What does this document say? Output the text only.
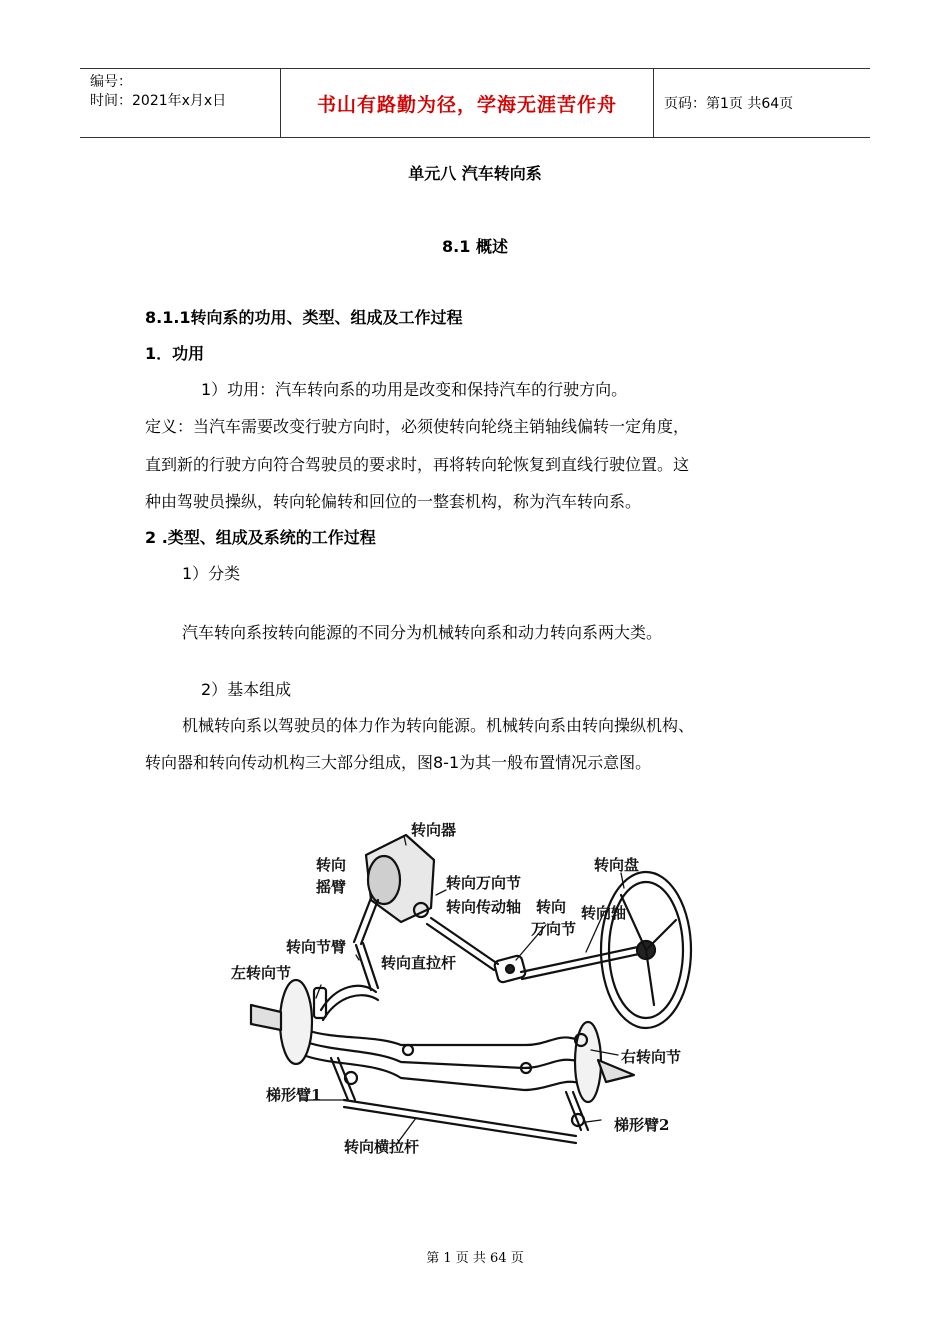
编号：
时间：2021年x月x日	书山有路勤为径，学海无涯苦作舟	页码：第1页 共64页
单元八 汽车转向系
8.1 概述
8.1.1转向系的功用、类型、组成及工作过程
1．功用
1）功用：汽车转向系的功用是改变和保持汽车的行驶方向。
定义：当汽车需要改变行驶方向时，必须使转向轮绕主销轴线偏转一定角度，
直到新的行驶方向符合驾驶员的要求时，再将转向轮恢复到直线行驶位置。这
种由驾驶员操纵，转向轮偏转和回位的一整套机构，称为汽车转向系。
2 .类型、组成及系统的工作过程
1）分类
汽车转向系按转向能源的不同分为机械转向系和动力转向系两大类。
2）基本组成
机械转向系以驾驶员的体力作为转向能源。机械转向系由转向操纵机构、
转向器和转向传动机构三大部分组成，图8-1为其一般布置情况示意图。
转向器
转向
摇臂	转向万向节
转向传动轴 转向
万向节
转向轴
转向盘
转向节臂
转向直拉杆
左转向节
右转向节
梯形臂1
梯形臂2
转向横拉杆
第 1 页 共 64 页
